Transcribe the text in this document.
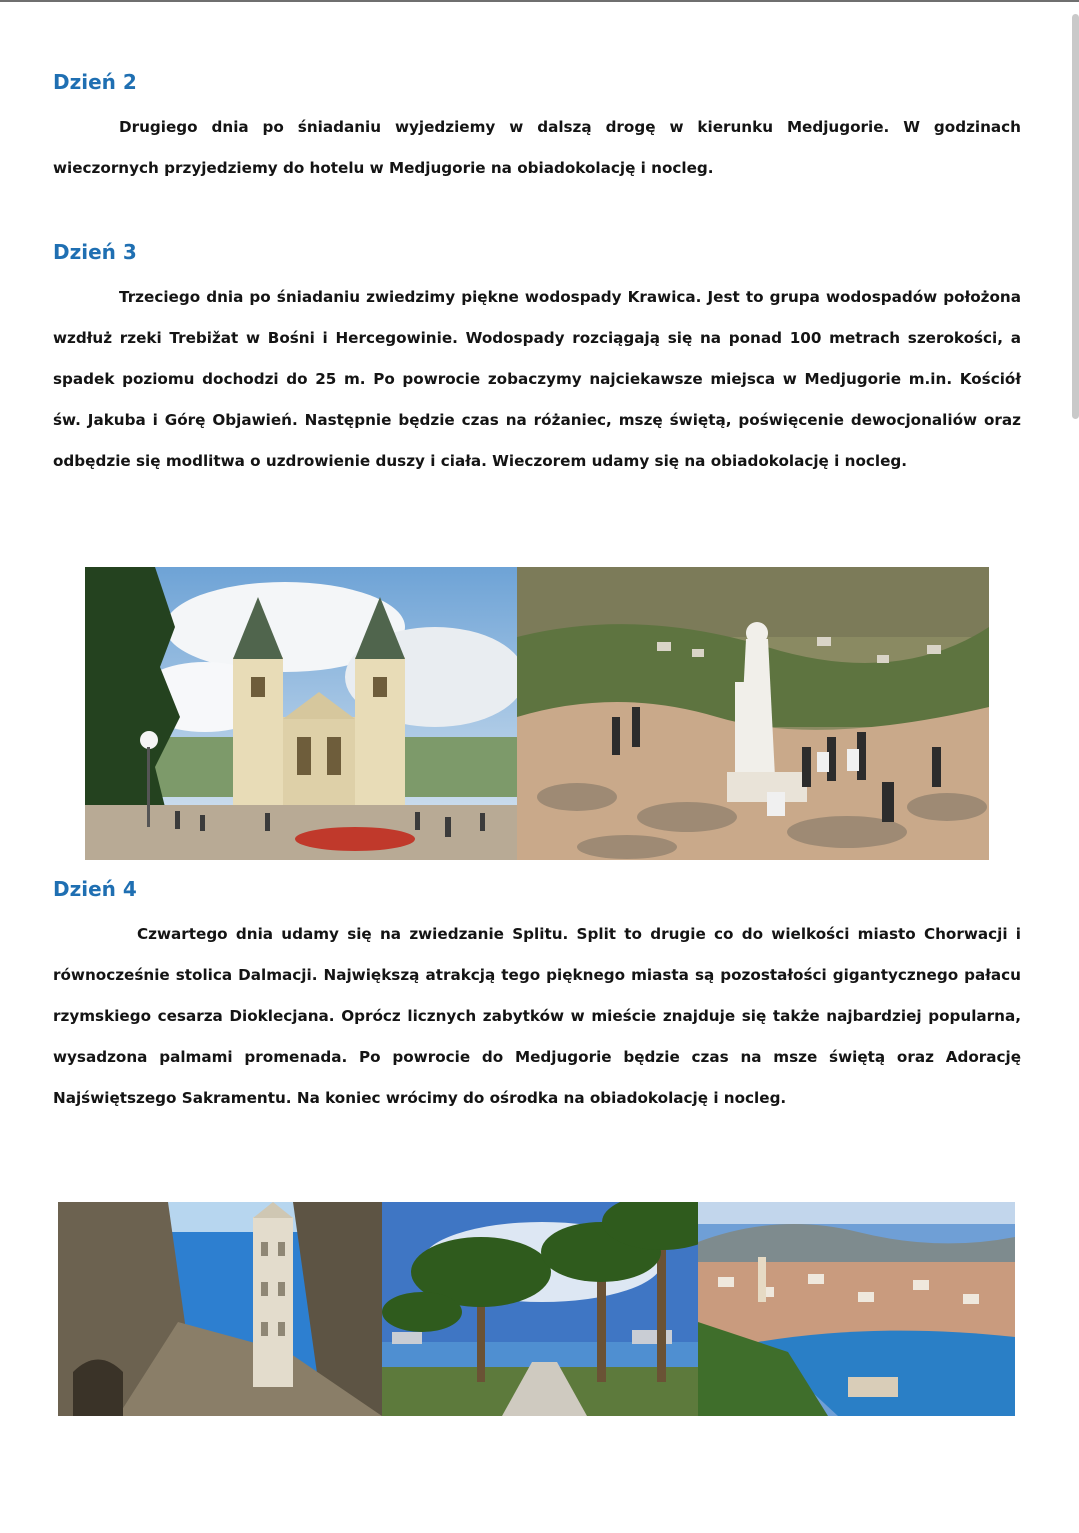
Dzień 2

Drugiego dnia po śniadaniu wyjedziemy w dalszą drogę w kierunku Medjugorie. W godzinach wieczornych przyjedziemy do hotelu w Medjugorie na obiadokolację i nocleg.

Dzień 3

Trzeciego dnia po śniadaniu zwiedzimy piękne wodospady Krawica. Jest to grupa wodospadów położona wzdłuż rzeki Trebižat w Bośni i Hercegowinie. Wodospady rozciągają się na ponad 100 metrach szerokości, a spadek poziomu dochodzi do 25 m. Po powrocie zobaczymy najciekawsze miejsca w Medjugorie m.in. Kościół św. Jakuba i Górę Objawień. Następnie będzie czas na różaniec, mszę świętą, poświęcenie dewocjonaliów oraz odbędzie się modlitwa o uzdrowienie duszy i ciała. Wieczorem udamy się na obiadokolację i nocleg.

Dzień 4

Czwartego dnia udamy się na zwiedzanie Splitu. Split to drugie co do wielkości miasto Chorwacji i równocześnie stolica Dalmacji. Największą atrakcją tego pięknego miasta są pozostałości gigantycznego pałacu rzymskiego cesarza Dioklecjana. Oprócz licznych zabytków w mieście znajduje się także najbardziej popularna, wysadzona palmami promenada. Po powrocie do Medjugorie będzie czas na msze świętą oraz Adorację Najświętszego Sakramentu. Na koniec wrócimy do ośrodka na obiadokolację i nocleg.
